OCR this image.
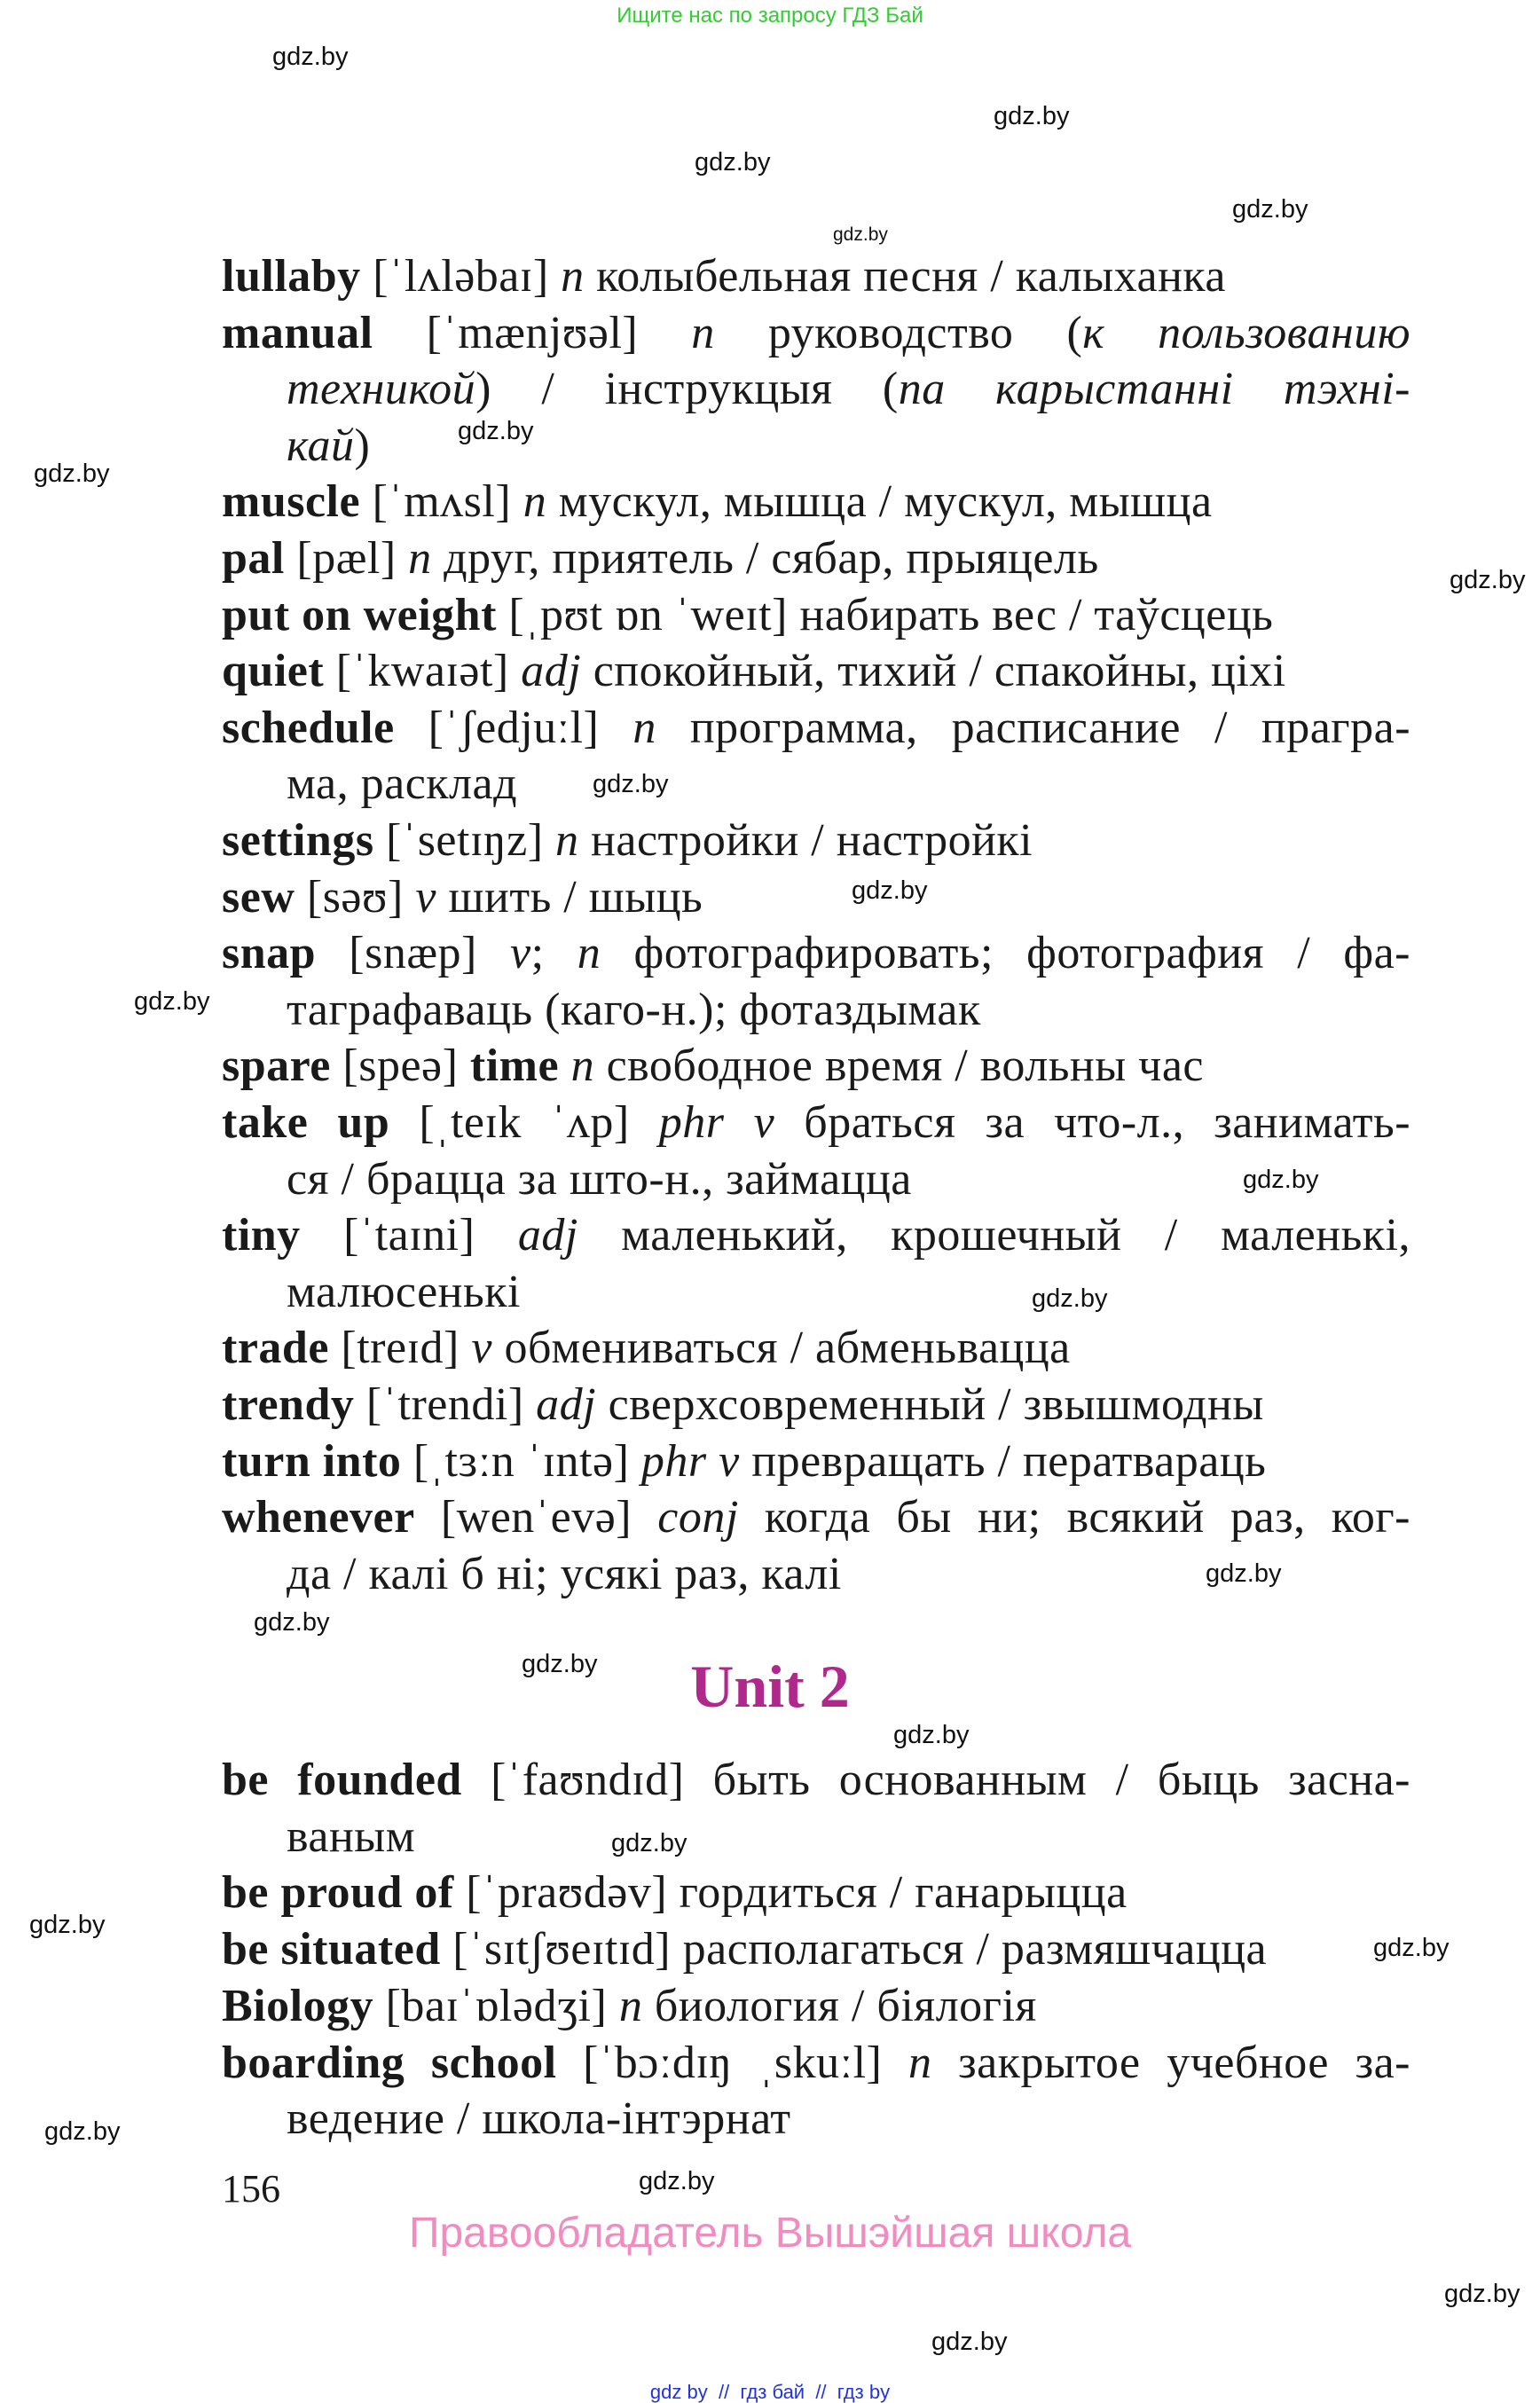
Ищите нас по запросу ГДЗ Бай
lullaby [ˈlʌləbaɪ] n колыбельная песня / калыханка
manual [ˈmænjʊəl] n руководство (к пользованию
техникой) / інструкцыя (па карыстанні тэхні-
кай)
muscle [ˈmʌsl] n мускул, мышца / мускул, мышца
pal [pæl] n друг, приятель / сябар, прыяцель
put on weight [ˌpʊt ɒn ˈweɪt] набирать вес / таўсцець
quiet [ˈkwaɪət] adj спокойный, тихий / спакойны, ціхі
schedule [ˈʃedjuːl] n программа, расписание / прагра-
ма, расклад
settings [ˈsetɪŋz] n настройки / настройкі
sew [səʊ] v шить / шыць
snap [snæp] v; n фотографировать; фотография / фа-
таграфаваць (каго-н.); фотаздымак
spare [speə] time n свободное время / вольны час
take up [ˌteɪk ˈʌp] phr v браться за что-л., занимать-
ся / брацца за што-н., займацца
tiny [ˈtaɪni] adj маленький, крошечный / маленькі,
малюсенькі
trade [treɪd] v обмениваться / абменьвацца
trendy [ˈtrendi] adj сверхсовременный / звышмодны
turn into [ˌtɜːn ˈɪntə] phr v превращать / ператвараць
whenever [wenˈevə] conj когда бы ни; всякий раз, ког-
да / калі б ні; усякі раз, калі
Unit 2
be founded [ˈfaʊndɪd] быть основанным / быць засна-
ваным
be proud of [ˈpraʊdəv] гордиться / ганарыцца
be situated [ˈsɪtʃʊeɪtɪd] располагаться / размяшчацца
Biology [baɪˈɒlədʒi] n биология / біялогія
boarding school [ˈbɔːdɪŋ ˌskuːl] n закрытое учебное за-
ведение / школа-інтэрнат
156
Правообладатель Вышэйшая школа
gdz by  //  гдз бай  //  гдз by
gdz.by
gdz.by
gdz.by
gdz.by
gdz.by
gdz.by
gdz.by
gdz.by
gdz.by
gdz.by
gdz.by
gdz.by
gdz.by
gdz.by
gdz.by
gdz.by
gdz.by
gdz.by
gdz.by
gdz.by
gdz.by
gdz.by
gdz.by
gdz.by
